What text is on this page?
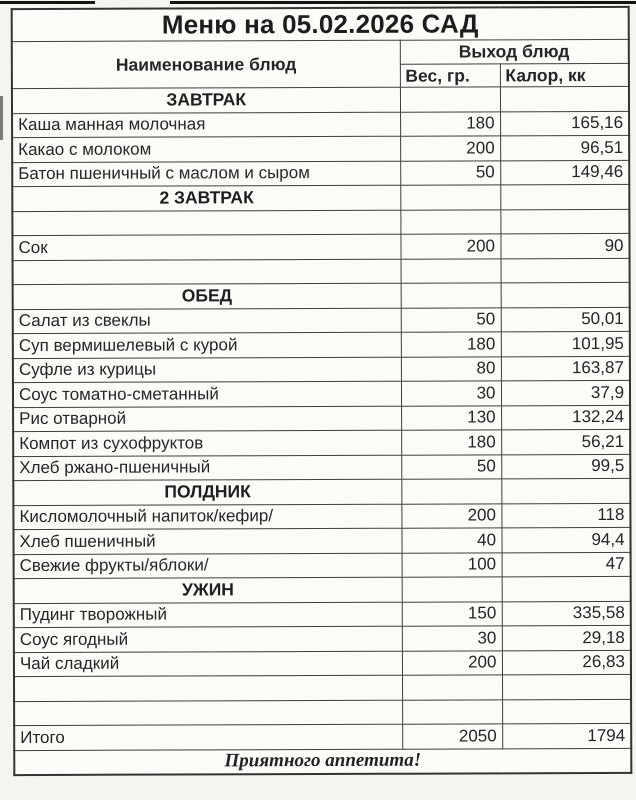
Меню на 05.02.2026 САД		
Наименование блюд	Выход блюд	
	Вес, гр.	Калор, кк
ЗАВТРАК		
Каша манная молочная	180	165,16
Какао с молоком	200	96,51
Батон пшеничный с маслом и сыром	50	149,46
2 ЗАВТРАК		

Сок	200	90

ОБЕД		
Салат из свеклы	50	50,01
Суп вермишелевый с курой	180	101,95
Суфле из курицы	80	163,87
Соус томатно-сметанный	30	37,9
Рис отварной	130	132,24
Компот из сухофруктов	180	56,21
Хлеб ржано-пшеничный	50	99,5
ПОЛДНИК		
Кисломолочный напиток/кефир/	200	118
Хлеб пшеничный	40	94,4
Свежие фрукты/яблоки/	100	47
УЖИН		
Пудинг творожный	150	335,58
Соус ягодный	30	29,18
Чай сладкий	200	26,83

Итого	2050	1794
Приятного аппетита!		
